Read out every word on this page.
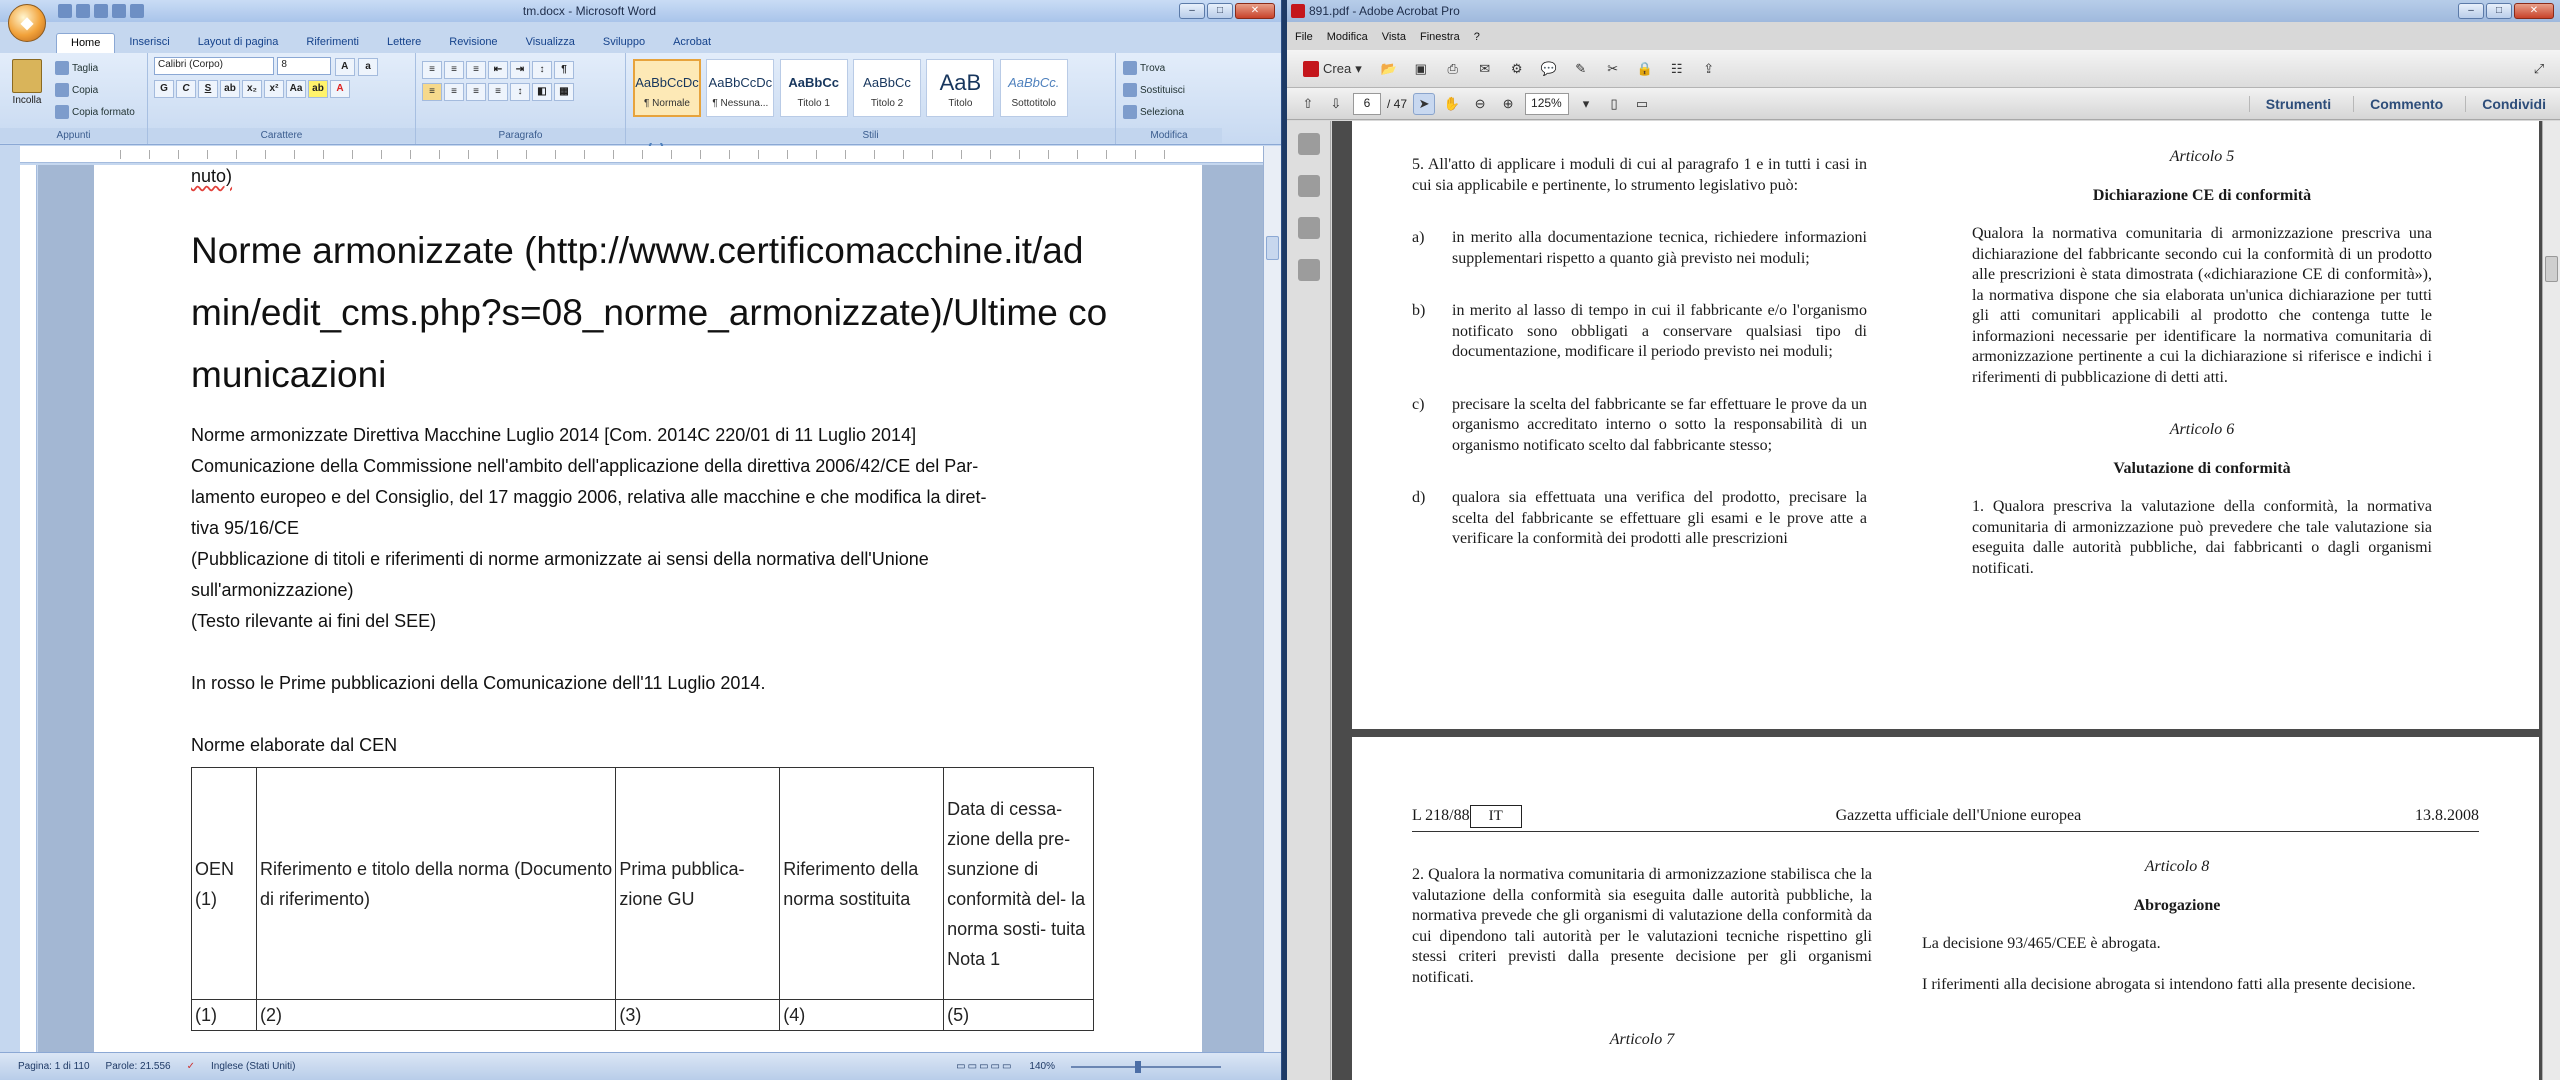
tm.docx - Microsoft Word	–	□	✕
◆
Home	Inserisci	Layout di pagina	Riferimenti	Lettere	Revisione	Visualizza	Sviluppo	Acrobat
Incolla
Taglia

Copia

Copia formato
Appunti
Calibri (Corpo)	8	A a
G	C	S	ab	x₂	x²	Aa ab	A
Carattere
≡	≡	≡	⇤	⇥	↕	¶
≡	≡	≡	≡	↕	◧	▦
Paragrafo
AaBbCcDc
¶ Normale

AaBbCcDc
¶ Nessuna...

AaBbCc
Titolo 1

AaBbCc
Titolo 2

AaB
Titolo

AaBbCc.
Sottotitolo

Stili
Trova

Sostituisci

Seleziona
Modifica
nuto)
Norme armonizzate (http://www.certificomacchine.it/admin/edit_cms.php?s=08_norme_armonizzate)/Ultime comunicazioni
Norme armonizzate Direttiva Macchine Luglio 2014 [Com. 2014C 220/01 di 11 Luglio 2014]
Comunicazione della Commissione nell'ambito dell'applicazione della direttiva 2006/42/CE del Par-
lamento europeo e del Consiglio, del 17 maggio 2006, relativa alle macchine e che modifica la diret-
tiva 95/16/CE
(Pubblicazione di titoli e riferimenti di norme armonizzate ai sensi della normativa dell'Unione
sull'armonizzazione)
(Testo rilevante ai fini del SEE)
In rosso le Prime pubblicazioni della Comunicazione dell'11 Luglio 2014.
Norme elaborate dal CEN
OEN (1)	Riferimento e titolo della norma (Documento di riferimento)	Prima pubblica- zione GU	Riferimento della norma sostituita	Data di cessa- zione della pre- sunzione di conformità del- la norma sosti- tuita Nota 1
(1)	(2)	(3)	(4)	(5)
Pagina: 1 di 110 Parole: 21.556 ✓ Inglese (Stati Uniti)	▭▭▭▭▭ 140%
891.pdf - Adobe Acrobat Pro	–	□	✕
File Modifica Vista Finestra ?
Crea ▾	📂	▣	⎙	✉	⚙	💬	✎	✂	🔒	☷	⇪	⤢
⇧	⇩	6	/ 47 ➤	✋	⊖	⊕	125%	▾	▯	▭	Strumenti	Commento	Condividi
5. All'atto di applicare i moduli di cui al paragrafo 1 e in tutti i casi in cui sia applicabile e pertinente, lo strumento legislativo può:
a)	in merito alla documentazione tecnica, richiedere informazioni supplementari rispetto a quanto già previsto nei moduli;
b)	in merito al lasso di tempo in cui il fabbricante e/o l'organismo notificato sono obbligati a conservare qualsiasi tipo di documentazione, modificare il periodo previsto nei moduli;
c)	precisare la scelta del fabbricante se far effettuare le prove da un organismo accreditato interno o sotto la responsabilità di un organismo notificato scelto dal fabbricante stesso;
d)	qualora sia effettuata una verifica del prodotto, precisare la scelta del fabbricante se effettuare gli esami e le prove atte a verificare la conformità dei prodotti alle prescrizioni
Articolo 5
Dichiarazione CE di conformità
Qualora la normativa comunitaria di armonizzazione prescriva una dichiarazione del fabbricante secondo cui la conformità di un prodotto alle prescrizioni è stata dimostrata («dichiarazione CE di conformità»), la normativa dispone che sia elaborata un'unica dichiarazione per tutti gli atti comunitari applicabili al prodotto che contenga tutte le informazioni necessarie per identificare la normativa comunitaria di armonizzazione pertinente a cui la dichiarazione si riferisce e indichi i riferimenti di pubblicazione di detti atti.
Articolo 6
Valutazione di conformità
1. Qualora prescriva la valutazione della conformità, la normativa comunitaria di armonizzazione può prevedere che tale valutazione sia eseguita dalle autorità pubbliche, dai fabbricanti o dagli organismi notificati.
L 218/88	IT	Gazzetta ufficiale dell'Unione europea	13.8.2008
2. Qualora la normativa comunitaria di armonizzazione stabilisca che la valutazione della conformità sia eseguita dalle autorità pubbliche, la normativa prevede che gli organismi di valutazione della conformità da cui dipendono tali autorità per le valutazioni tecniche rispettino gli stessi criteri previsti dalla presente decisione per gli organismi notificati.
Articolo 7
Articolo 8
Abrogazione
La decisione 93/465/CEE è abrogata.
I riferimenti alla decisione abrogata si intendono fatti alla presente decisione.
